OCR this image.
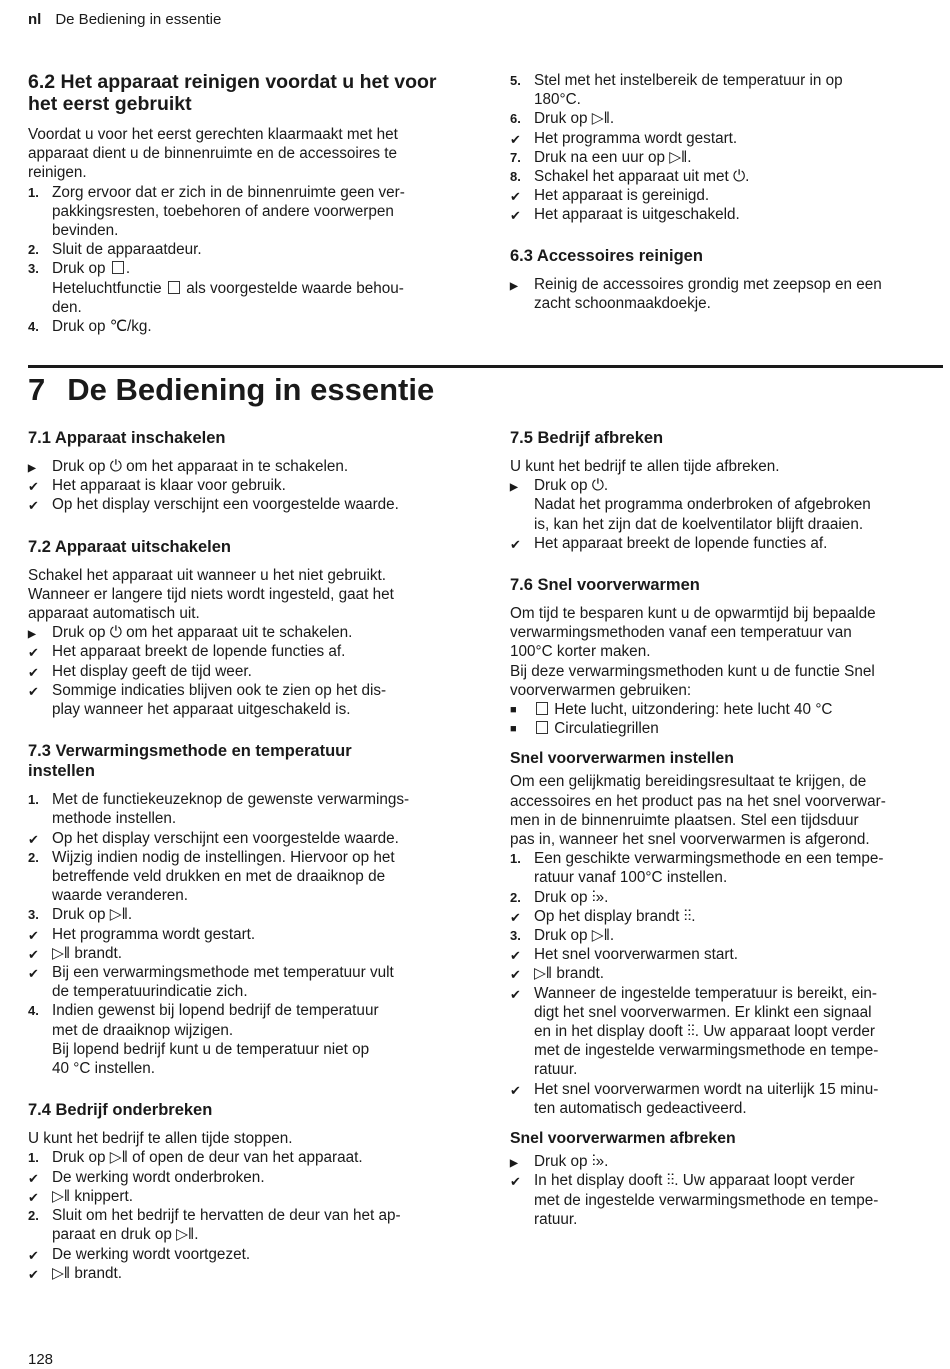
nl De Bediening in essentie
6.2 Het apparaat reinigen voordat u het voor
het eerst gebruikt
Voordat u voor het eerst gerechten klaarmaakt met het
apparaat dient u de binnenruimte en de accessoires te
reinigen.
1. Zorg ervoor dat er zich in de binnenruimte geen ver-
pakkingsresten, toebehoren of andere voorwerpen
bevinden.
2. Sluit de apparaatdeur.
3. Druk op .
Heteluchtfunctie als voorgestelde waarde behou-
den.
4. Druk op ℃/kg.
5. Stel met het instelbereik de temperatuur in op
180°C.
6. Druk op ▷ǁ.
✔ Het programma wordt gestart.
7. Druk na een uur op ▷ǁ.
8. Schakel het apparaat uit met ⏻.
✔ Het apparaat is gereinigd.
✔ Het apparaat is uitgeschakeld.
6.3 Accessoires reinigen
▶ Reinig de accessoires grondig met zeepsop en een
zacht schoonmaakdoekje.
7 De Bediening in essentie
7.1 Apparaat inschakelen
▶ Druk op ⏻ om het apparaat in te schakelen.
✔ Het apparaat is klaar voor gebruik.
✔ Op het display verschijnt een voorgestelde waarde.
7.2 Apparaat uitschakelen
Schakel het apparaat uit wanneer u het niet gebruikt.
Wanneer er langere tijd niets wordt ingesteld, gaat het
apparaat automatisch uit.
▶ Druk op ⏻ om het apparaat uit te schakelen.
✔ Het apparaat breekt de lopende functies af.
✔ Het display geeft de tijd weer.
✔ Sommige indicaties blijven ook te zien op het dis-
play wanneer het apparaat uitgeschakeld is.
7.3 Verwarmingsmethode en temperatuur
instellen
1. Met de functiekeuzeknop de gewenste verwarmings-
methode instellen.
✔ Op het display verschijnt een voorgestelde waarde.
2. Wijzig indien nodig de instellingen. Hiervoor op het
betreffende veld drukken en met de draaiknop de
waarde veranderen.
3. Druk op ▷ǁ.
✔ Het programma wordt gestart.
✔ ▷ǁ brandt.
✔ Bij een verwarmingsmethode met temperatuur vult
de temperatuurindicatie zich.
4. Indien gewenst bij lopend bedrijf de temperatuur
met de draaiknop wijzigen.
Bij lopend bedrijf kunt u de temperatuur niet op
40 °C instellen.
7.4 Bedrijf onderbreken
U kunt het bedrijf te allen tijde stoppen.
1. Druk op ▷ǁ of open de deur van het apparaat.
✔ De werking wordt onderbroken.
✔ ▷ǁ knippert.
2. Sluit om het bedrijf te hervatten de deur van het ap-
paraat en druk op ▷ǁ.
✔ De werking wordt voortgezet.
✔ ▷ǁ brandt.
7.5 Bedrijf afbreken
U kunt het bedrijf te allen tijde afbreken.
▶ Druk op ⏻.
Nadat het programma onderbroken of afgebroken
is, kan het zijn dat de koelventilator blijft draaien.
✔ Het apparaat breekt de lopende functies af.
7.6 Snel voorverwarmen
Om tijd te besparen kunt u de opwarmtijd bij bepaalde
verwarmingsmethoden vanaf een temperatuur van
100°C korter maken.
Bij deze verwarmingsmethoden kunt u de functie Snel
voorverwarmen gebruiken:
■ Hete lucht, uitzondering: hete lucht 40 °C
■ Circulatiegrillen
Snel voorverwarmen instellen
Om een gelijkmatig bereidingsresultaat te krijgen, de
accessoires en het product pas na het snel voorverwar-
men in de binnenruimte plaatsen. Stel een tijdsduur
pas in, wanneer het snel voorverwarmen is afgerond.
1. Een geschikte verwarmingsmethode en een tempe-
ratuur vanaf 100°C instellen.
2. Druk op ⫶».
✔ Op het display brandt ⫶⫶.
3. Druk op ▷ǁ.
✔ Het snel voorverwarmen start.
✔ ▷ǁ brandt.
✔ Wanneer de ingestelde temperatuur is bereikt, ein-
digt het snel voorverwarmen. Er klinkt een signaal
en in het display dooft ⫶⫶. Uw apparaat loopt verder
met de ingestelde verwarmingsmethode en tempe-
ratuur.
✔ Het snel voorverwarmen wordt na uiterlijk 15 minu-
ten automatisch gedeactiveerd.
Snel voorverwarmen afbreken
▶ Druk op ⫶».
✔ In het display dooft ⫶⫶. Uw apparaat loopt verder
met de ingestelde verwarmingsmethode en tempe-
ratuur.
128
